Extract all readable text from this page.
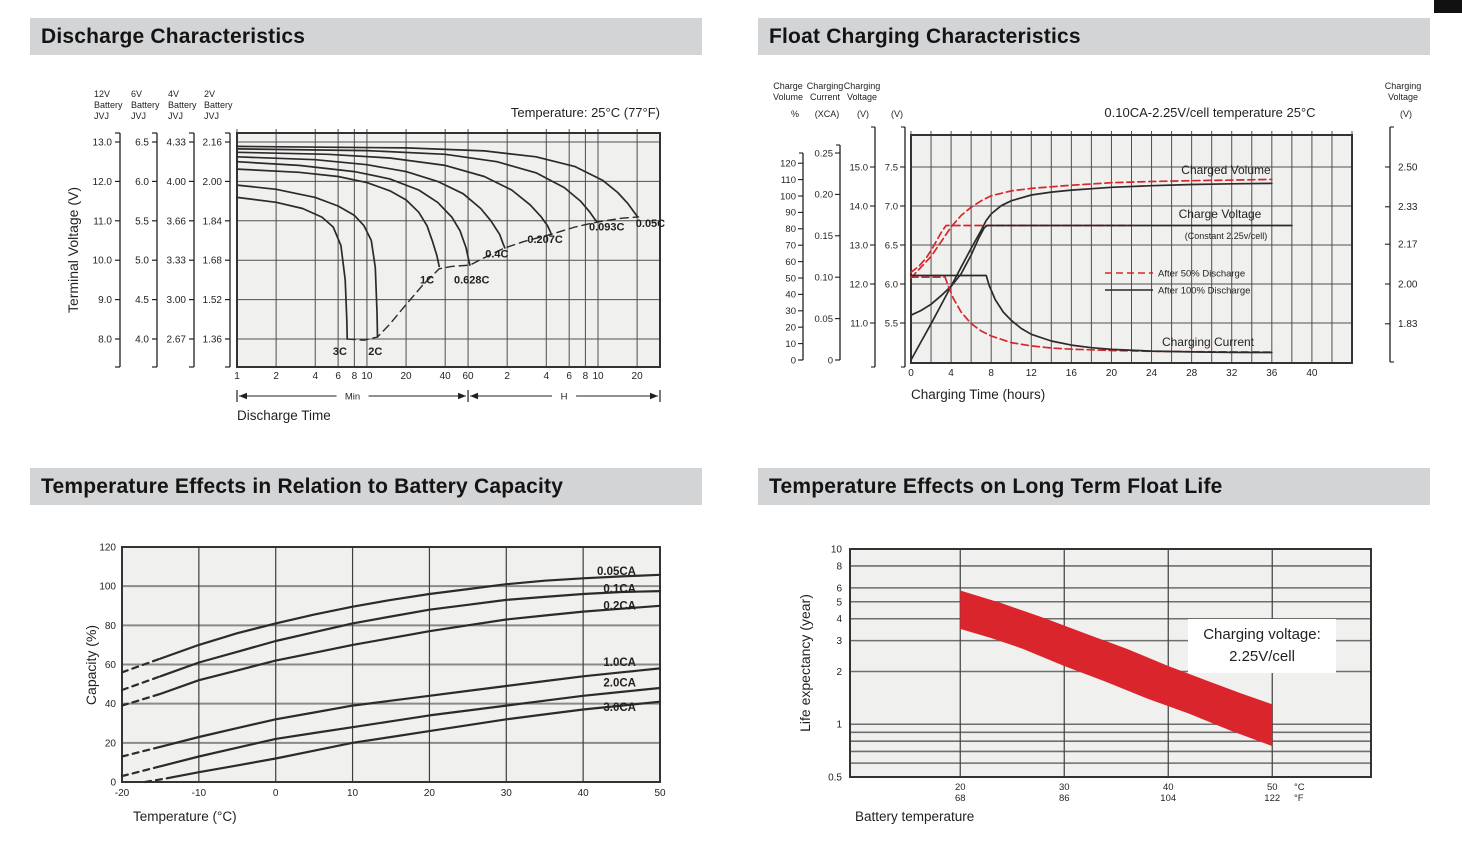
Discharge Characteristics
12V
Battery
JVJ
13.0
12.0
11.0
10.0
9.0
8.0
6V
Battery
JVJ
6.5
6.0
5.5
5.0
4.5
4.0
4V
Battery
JVJ
4.33
4.00
3.66
3.33
3.00
2.67
2V
Battery
JVJ
2.16
2.00
1.84
1.68
1.52
1.36
Terminal Voltage (V)
Temperature: 25°C (77°F)
3C 2C
1C 0.628C
0.4C
0.207C
0.093C 0.05C
1	2	4 6 8 10	20	40 60	2	4 6 8 10	20
Min	H
Discharge Time
Float Charging Characteristics
0
10
20
30
40
50
60
70
80
90
100
110
120
Charge
Volume
%
0
0.05
0.10
0.15
0.20
0.25
Charging
Current
(XCA)
11.0
12.0
13.0
14.0
15.0
Charging
Voltage
(V)
5.5
6.0
6.5
7.0
7.5
(V)
1.83
2.00
2.17
2.33
2.50
Charging
Voltage
(V)
0.10CA-2.25V/cell temperature 25°C
Charged Volume
Charge Voltage
(Constant 2.25v/cell)
Charging Current
After 50% Discharge
After 100% Discharge
0	4	8	12	16	20	24	28	32	36	40
Charging Time (hours)
Temperature Effects in Relation to Battery Capacity
0
20
40
60
80
100
120
-20	-10	0	10	20	30	40	50
0.05CA
0.1CA
0.2CA
1.0CA
2.0CA
3.0CA
Temperature (°C)
Capacity (%)
Temperature Effects on Long Term Float Life
Charging voltage:
2.25V/cell
10
8
6
5
4
3
2
1
0.5
20
68
30
86
40
104
50
122
°C
°F
Battery temperature
Life expectancy (year)
